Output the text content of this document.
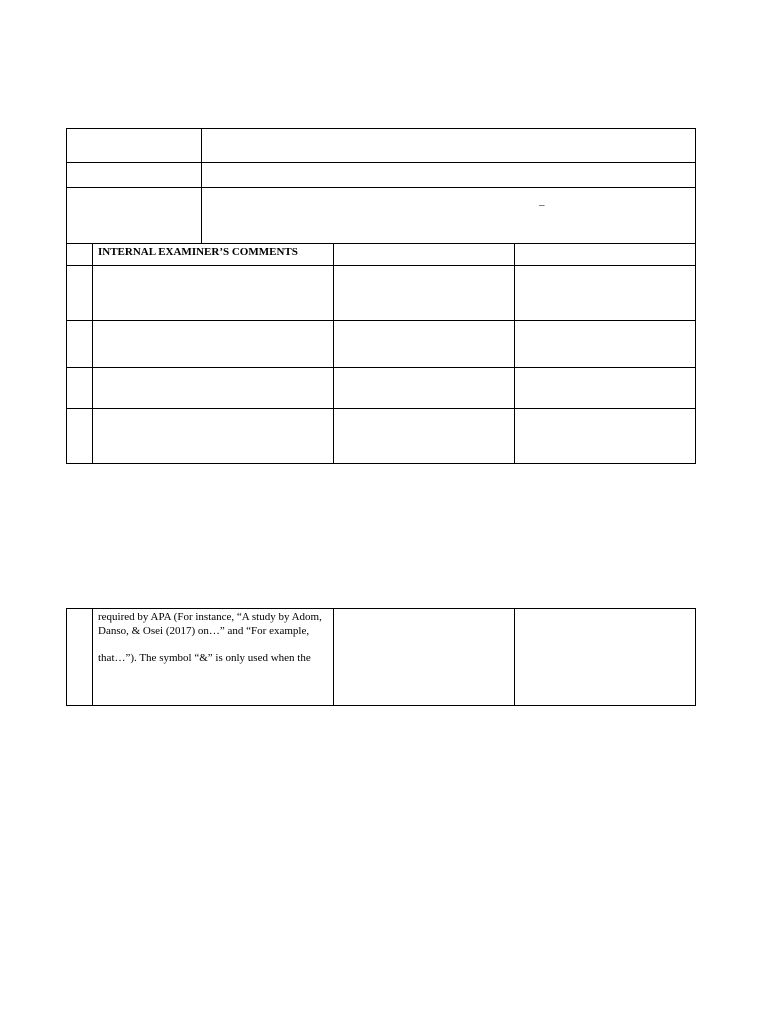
		–		

	INTERNAL EXAMINER’S COMMENTS			

required by APA (For instance, “A study by Adom,
Danso, & Osei (2017) on…” and “For example,
that…”). The symbol “&” is only used when the
